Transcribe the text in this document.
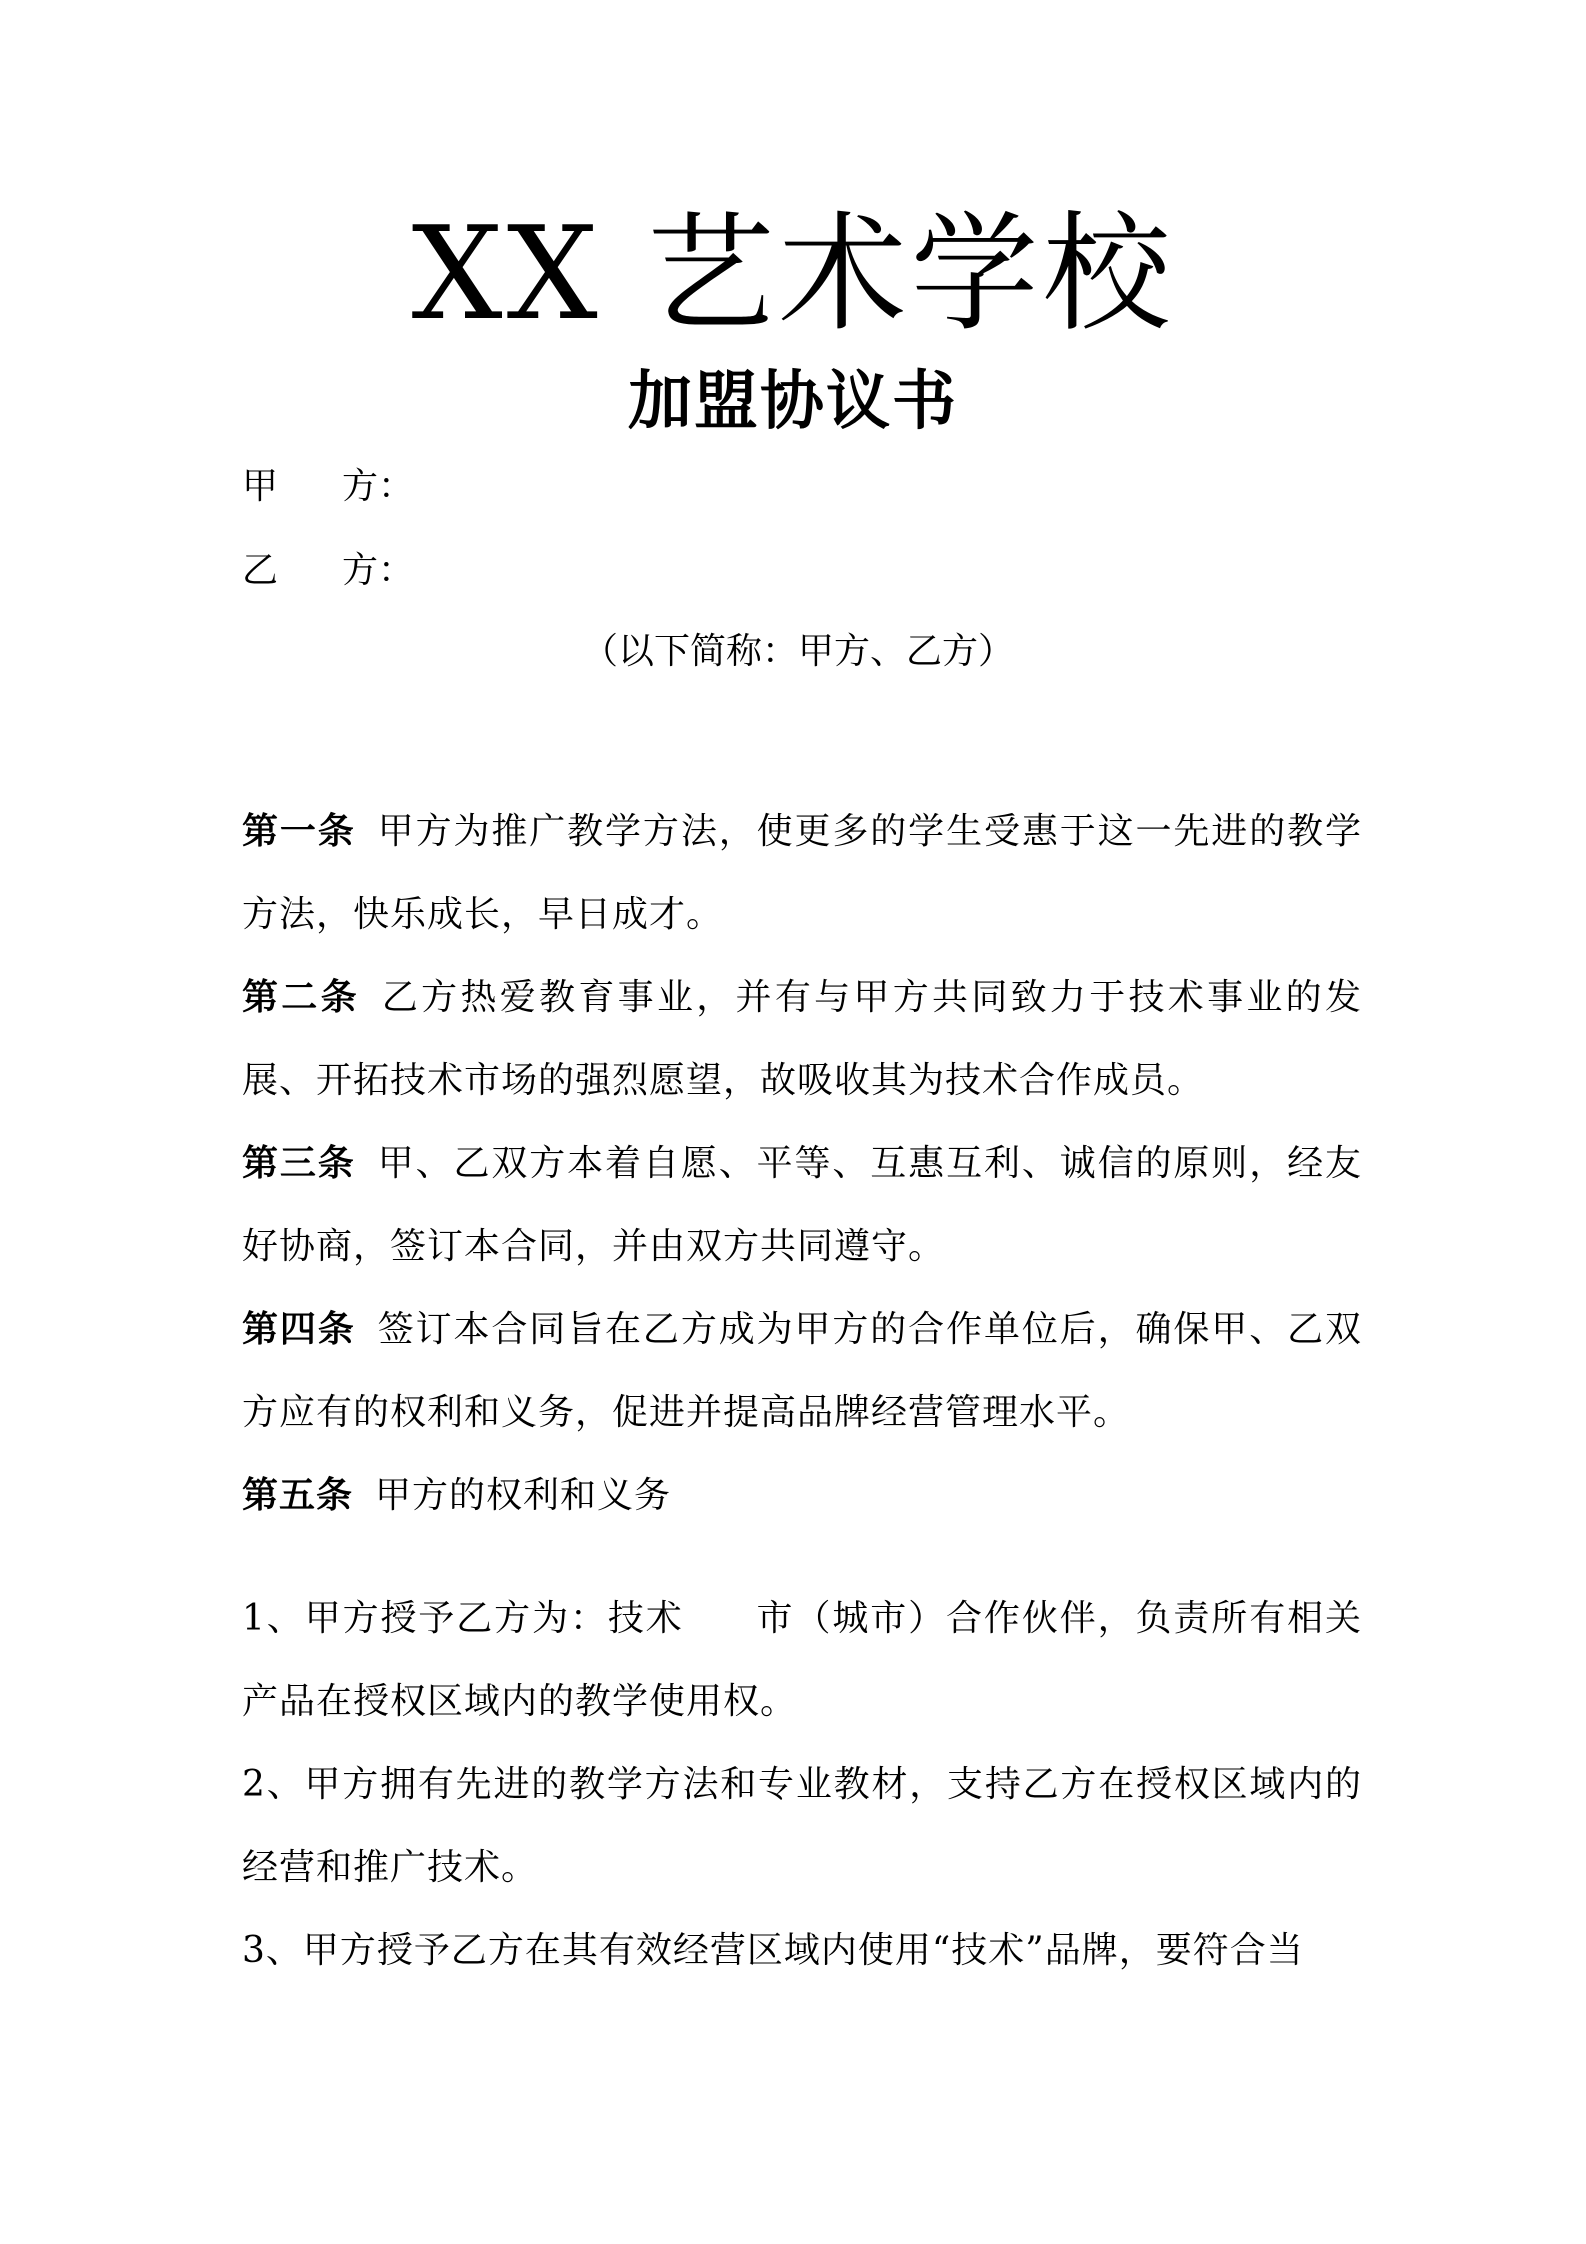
XX 艺术学校
加盟协议书
甲 方：
乙 方：
（以下简称：甲方、乙方）

第一条 甲方为推广教学方法，使更多的学生受惠于这一先进的教学方法，快乐成长，早日成才。

第二条 乙方热爱教育事业，并有与甲方共同致力于技术事业的发展、开拓技术市场的强烈愿望，故吸收其为技术合作成员。

第三条 甲、乙双方本着自愿、平等、互惠互利、诚信的原则，经友好协商，签订本合同，并由双方共同遵守。

第四条 签订本合同旨在乙方成为甲方的合作单位后，确保甲、乙双方应有的权利和义务，促进并提高品牌经营管理水平。

第五条 甲方的权利和义务

1、甲方授予乙方为：技术 市（城市）合作伙伴，负责所有相关产品在授权区域内的教学使用权。

2、甲方拥有先进的教学方法和专业教材，支持乙方在授权区域内的经营和推广技术。

3、甲方授予乙方在其有效经营区域内使用“技术”品牌，要符合当
